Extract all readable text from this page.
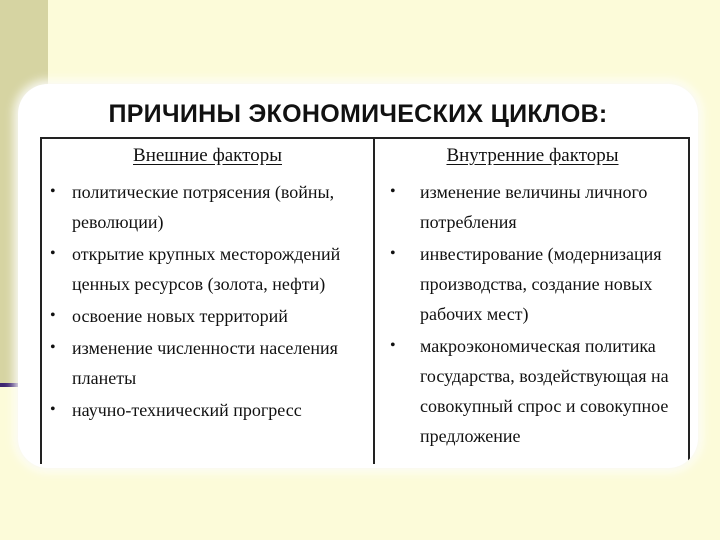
ПРИЧИНЫ ЭКОНОМИЧЕСКИХ ЦИКЛОВ:
Внешние факторы	Внутренние факторы
• политические потрясения (войны, революции)
• открытие крупных месторождений ценных ресурсов (золота, нефти)
• освоение новых территорий
• изменение численности населения планеты
• научно-технический прогресс
• изменение величины личного потребления
• инвестирование (модернизация производства, создание новых рабочих мест)
• макроэкономическая политика государства, воздействующая на совокупный спрос и совокупное предложение
